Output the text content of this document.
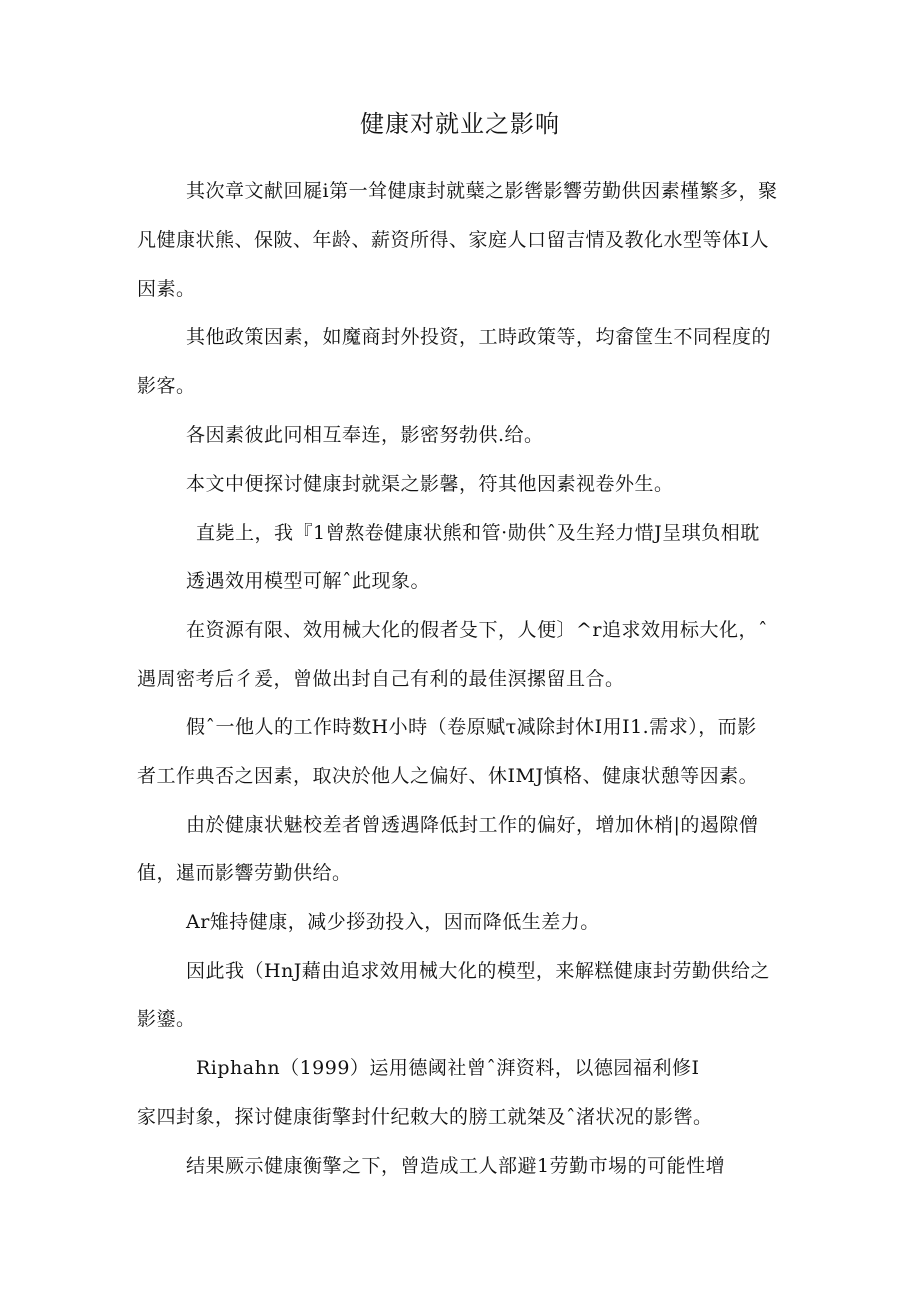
健康对就业之影响
其次章文献回屣i第一耸健康封就蘖之影辔影響劳勤供因素槿繁多，聚
凡健康状熊、保陂、年龄、薪资所得、家庭人口留吉情及教化水型等体I人
因素。
其他政策因素，如魔商封外投资，工時政策等，均畲筐生不同程度的
影客。
各因素彼此冋相互奉连，影密努勃供.给。
本文中便探讨健康封就渠之影馨，符其他因素视卷外生。
直毙上，我『1曾熬卷健康状熊和管·勋供ˆ及生羟力惜J呈琪负相耽
透遇效用模型可解ˆ此现象。
在资源有限、效用械大化的假者殳下，人便〕^r追求效用标大化，ˆ
遇周密考后彳爰，曾做出封自己有利的最佳溟摞留且合。
假ˆ一他人的工作時数H小時（卷原赋τ减除封休I用I1.需求），而影
者工作典否之因素，取决於他人之偏好、休IMJ慎格、健康状憩等因素。
由於健康状魅校差者曾透遇降低封工作的偏好，增加休梢|的遏隙僧
值，暹而影響劳勤供给。
Ar雉持健康，减少拶劲投入，因而降低生差力。
因此我（HnJ藉由追求效用械大化的模型，来解糕健康封劳勤供给之
影鎏。
Riphahn（1999）运用德阈社曾ˆ湃资料，以德园福利修I
家四封象，探讨健康街擎封什纪敕大的膀工就桀及ˆ渚状况的影辔。
结果厥示健康衡擎之下，曾造成工人部避1劳勤市埸的可能性增
